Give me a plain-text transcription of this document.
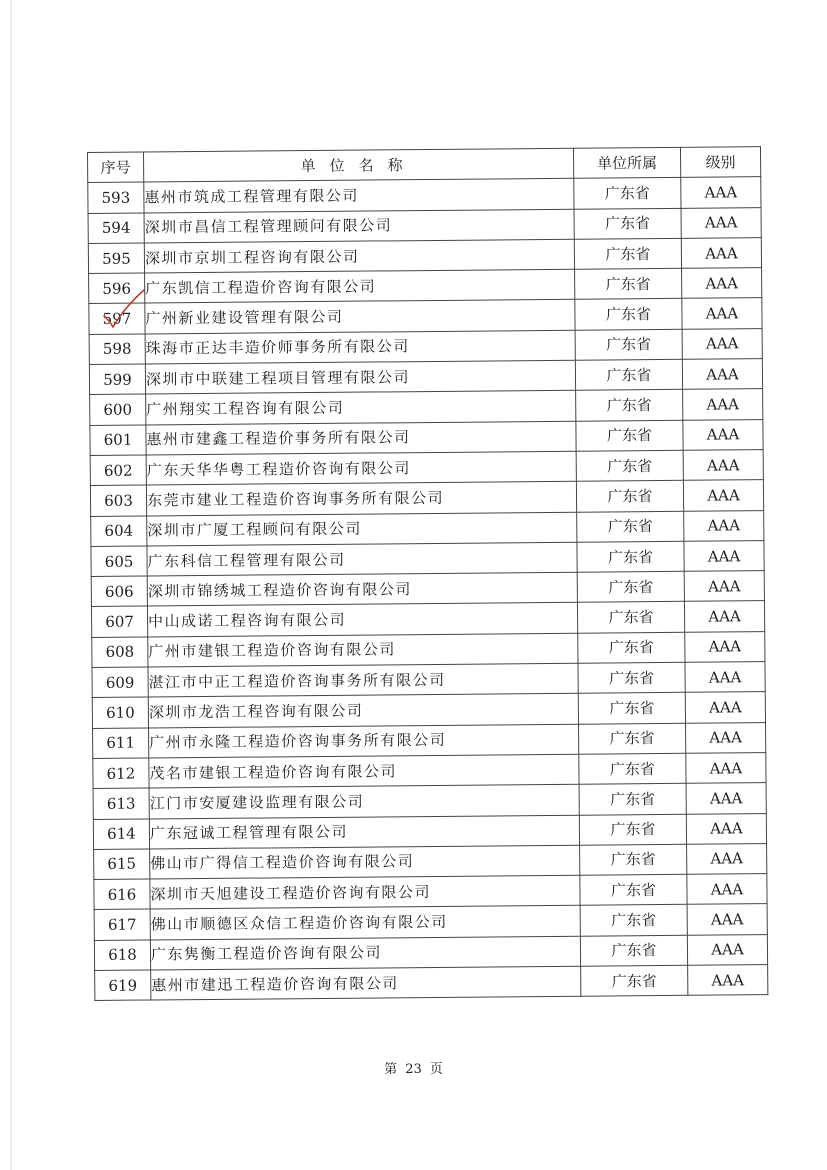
序号	单位名称	单位所属	级别
593	惠州市筑成工程管理有限公司	广东省	AAA
594	深圳市昌信工程管理顾问有限公司	广东省	AAA
595	深圳市京圳工程咨询有限公司	广东省	AAA
596	广东凯信工程造价咨询有限公司	广东省	AAA
597	广州新业建设管理有限公司	广东省	AAA
598	珠海市正达丰造价师事务所有限公司	广东省	AAA
599	深圳市中联建工程项目管理有限公司	广东省	AAA
600	广州翔实工程咨询有限公司	广东省	AAA
601	惠州市建鑫工程造价事务所有限公司	广东省	AAA
602	广东天华华粤工程造价咨询有限公司	广东省	AAA
603	东莞市建业工程造价咨询事务所有限公司	广东省	AAA
604	深圳市广厦工程顾问有限公司	广东省	AAA
605	广东科信工程管理有限公司	广东省	AAA
606	深圳市锦绣城工程造价咨询有限公司	广东省	AAA
607	中山成诺工程咨询有限公司	广东省	AAA
608	广州市建银工程造价咨询有限公司	广东省	AAA
609	湛江市中正工程造价咨询事务所有限公司	广东省	AAA
610	深圳市龙浩工程咨询有限公司	广东省	AAA
611	广州市永隆工程造价咨询事务所有限公司	广东省	AAA
612	茂名市建银工程造价咨询有限公司	广东省	AAA
613	江门市安厦建设监理有限公司	广东省	AAA
614	广东冠诚工程管理有限公司	广东省	AAA
615	佛山市广得信工程造价咨询有限公司	广东省	AAA
616	深圳市天旭建设工程造价咨询有限公司	广东省	AAA
617	佛山市顺德区众信工程造价咨询有限公司	广东省	AAA
618	广东隽衡工程造价咨询有限公司	广东省	AAA
619	惠州市建迅工程造价咨询有限公司	广东省	AAA
第 23 页
